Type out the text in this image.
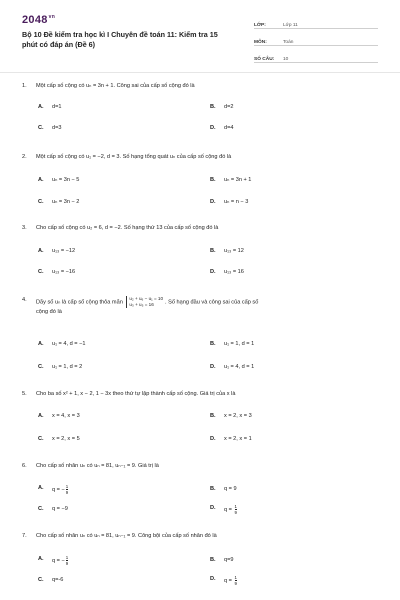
$2048^{vn}$
Bộ 10 Đề kiểm tra học kì I Chuyên đề toán 11: Kiểm tra 15 phút có đáp án (Đề 6)
LỚP:	Lớp 11
MÔN:	Toán
SỐ CÂU:	10
1.	Một cấp số cộng có uₙ = 3n + 1. Công sai của cấp số cộng đó là
A.	d=1	B.	d=2
C.	d=3	D.	d=4
2.	Một cấp số cộng có u₁ = −2, d = 3. Số hạng tổng quát uₙ của cấp số cộng đó là
A.	uₙ = 3n − 5	B.	uₙ = 3n + 1
C.	uₙ = 3n − 2	D.	uₙ = n − 3
3.	Cho cấp số cộng có u₂ = 6, d = −2. Số hạng thứ 13 của cấp số cộng đó là
A.	u₁₃ = −12	B.	u₁₃ = 12
C.	u₁₃ = −16	D.	u₁₃ = 16
4.	Dãy số uₙ là cấp số cộng thỏa mãn
u₂ + u₆ − u₁ = 10
u₃ + u₅ = 16	. Số hạng đầu và công sai của cấp số
cộng đó là
A.	u₁ = 4, d = −1	B.	u₁ = 1, d = 1
C.	u₁ = 1, d = 2	D.	u₁ = 4, d = 1
5.	Cho ba số x² + 1, x − 2, 1 − 3x theo thứ tự lập thành cấp số cộng. Giá trị của x là
A.	x = 4, x = 3	B.	x = 2, x = 3
C.	x = 2, x = 5	D.	x = 2, x = 1
6.	Cho cấp số nhân uₙ có uₙ = 81, uₙ₋₁ = 9. Giá trị là
A.	q = − $\frac{1}{9}$	B.	q = 9
C.	q = −9	D.	$q = \frac{1}{9}$
7.	Cho cấp số nhân uₙ có uₙ = 81, uₙ₋₁ = 9. Công bội của cấp số nhân đó là
A.	q = − $\frac{1}{9}$	B.	q=9
C.	q=-6	D.	$q = \frac{1}{9}$
